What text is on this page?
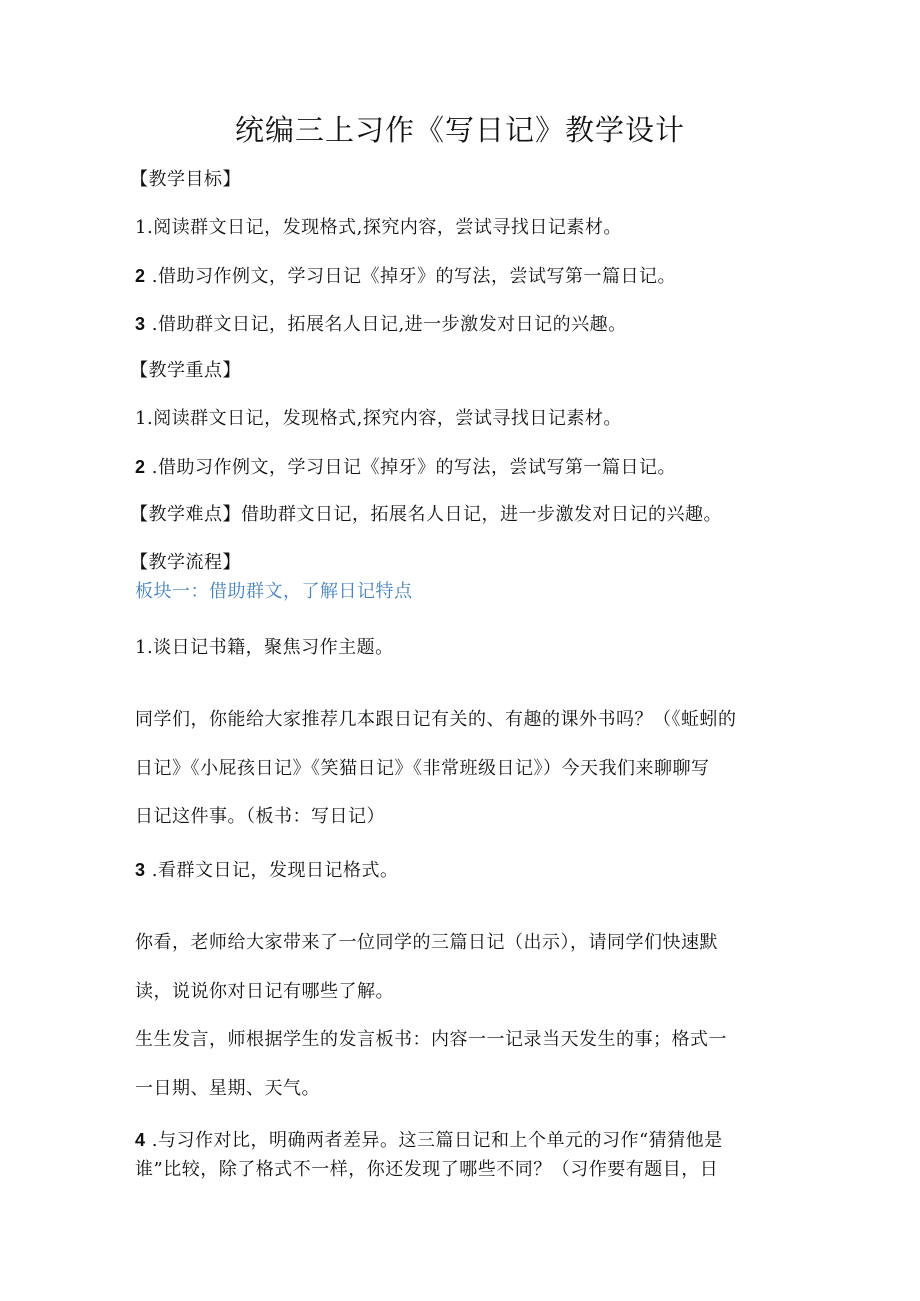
统编三上习作《写日记》教学设计
【教学目标】
1.阅读群文日记，发现格式,探究内容，尝试寻找日记素材。
2 .借助习作例文，学习日记《掉牙》的写法，尝试写第一篇日记。
3 .借助群文日记，拓展名人日记,进一步激发对日记的兴趣。
【教学重点】
1.阅读群文日记，发现格式,探究内容，尝试寻找日记素材。
2 .借助习作例文，学习日记《掉牙》的写法，尝试写第一篇日记。
【教学难点】借助群文日记，拓展名人日记，进一步激发对日记的兴趣。
【教学流程】
板块一：借助群文，了解日记特点
1.谈日记书籍，聚焦习作主题。
同学们，你能给大家推荐几本跟日记有关的、有趣的课外书吗？（《蚯蚓的
日记》《小屁孩日记》《笑猫日记》《非常班级日记》）今天我们来聊聊写
日记这件事。（板书：写日记）
3 .看群文日记，发现日记格式。
你看，老师给大家带来了一位同学的三篇日记（出示），请同学们快速默
读，说说你对日记有哪些了解。
生生发言，师根据学生的发言板书：内容一一记录当天发生的事；格式一
一日期、星期、天气。
4 .与习作对比，明确两者差异。这三篇日记和上个单元的习作“猜猜他是
谁”比较，除了格式不一样，你还发现了哪些不同？（习作要有题目，日
